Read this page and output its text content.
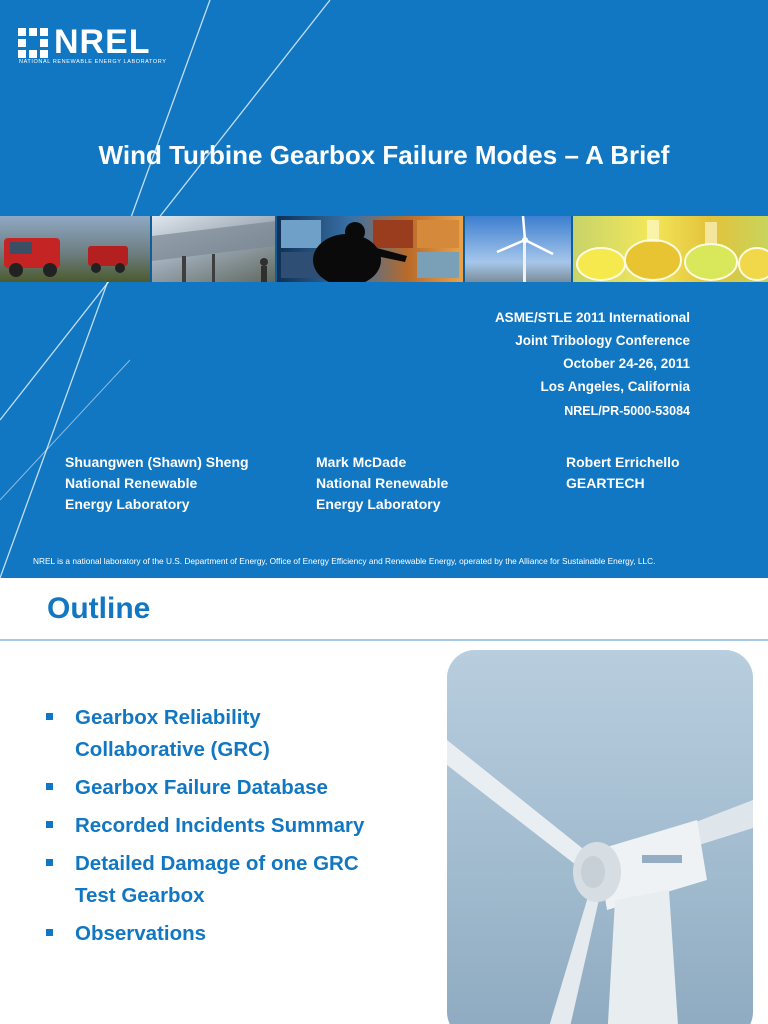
NREL
NATIONAL RENEWABLE ENERGY LABORATORY
Wind Turbine Gearbox Failure Modes – A Brief
ASME/STLE 2011 International
Joint Tribology Conference
October 24-26, 2011
Los Angeles, California
NREL/PR-5000-53084
Shuangwen (Shawn) Sheng
National Renewable
Energy Laboratory
Mark McDade
National Renewable
Energy Laboratory
Robert Errichello
GEARTECH
NREL is a national laboratory of the U.S. Department of Energy, Office of Energy Efficiency and Renewable Energy, operated by the Alliance for Sustainable Energy, LLC.
Outline
Gearbox Reliability Collaborative (GRC)
Gearbox Failure Database
Recorded Incidents Summary
Detailed Damage of one GRC Test Gearbox
Observations
